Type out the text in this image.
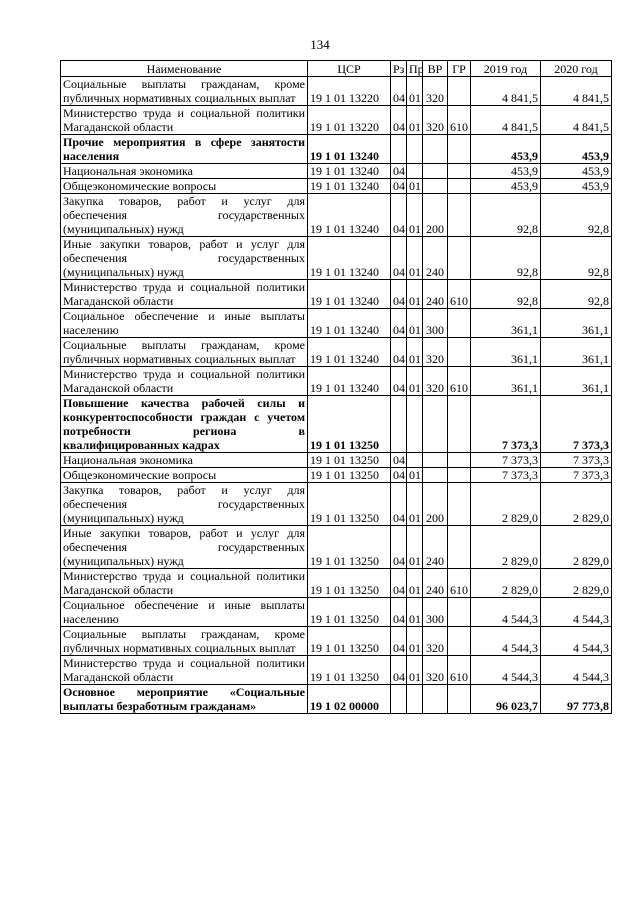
134
Наименование	ЦСР	Рз	Пр	ВР	ГР	2019 год	2020 год
Социальные выплаты гражданам, кроме публичных нормативных социальных выплат	19 1 01 13220	04	01	320		4 841,5	4 841,5
Министерство труда и социальной политики Магаданской области	19 1 01 13220	04	01	320	610	4 841,5	4 841,5
Прочие мероприятия в сфере занятости населения	19 1 01 13240					453,9	453,9
Национальная экономика	19 1 01 13240	04				453,9	453,9
Общеэкономические вопросы	19 1 01 13240	04	01			453,9	453,9
Закупка товаров, работ и услуг для обеспечения государственных (муниципальных) нужд	19 1 01 13240	04	01	200		92,8	92,8
Иные закупки товаров, работ и услуг для обеспечения государственных (муниципальных) нужд	19 1 01 13240	04	01	240		92,8	92,8
Министерство труда и социальной политики Магаданской области	19 1 01 13240	04	01	240	610	92,8	92,8
Социальное обеспечение и иные выплаты населению	19 1 01 13240	04	01	300		361,1	361,1
Социальные выплаты гражданам, кроме публичных нормативных социальных выплат	19 1 01 13240	04	01	320		361,1	361,1
Министерство труда и социальной политики Магаданской области	19 1 01 13240	04	01	320	610	361,1	361,1
Повышение качества рабочей силы и конкурентоспособности граждан с учетом потребности региона в квалифицированных кадрах	19 1 01 13250					7 373,3	7 373,3
Национальная экономика	19 1 01 13250	04				7 373,3	7 373,3
Общеэкономические вопросы	19 1 01 13250	04	01			7 373,3	7 373,3
Закупка товаров, работ и услуг для обеспечения государственных (муниципальных) нужд	19 1 01 13250	04	01	200		2 829,0	2 829,0
Иные закупки товаров, работ и услуг для обеспечения государственных (муниципальных) нужд	19 1 01 13250	04	01	240		2 829,0	2 829,0
Министерство труда и социальной политики Магаданской области	19 1 01 13250	04	01	240	610	2 829,0	2 829,0
Социальное обеспечение и иные выплаты населению	19 1 01 13250	04	01	300		4 544,3	4 544,3
Социальные выплаты гражданам, кроме публичных нормативных социальных выплат	19 1 01 13250	04	01	320		4 544,3	4 544,3
Министерство труда и социальной политики Магаданской области	19 1 01 13250	04	01	320	610	4 544,3	4 544,3
Основное мероприятие «Социальные выплаты безработным гражданам»	19 1 02 00000					96 023,7	97 773,8
